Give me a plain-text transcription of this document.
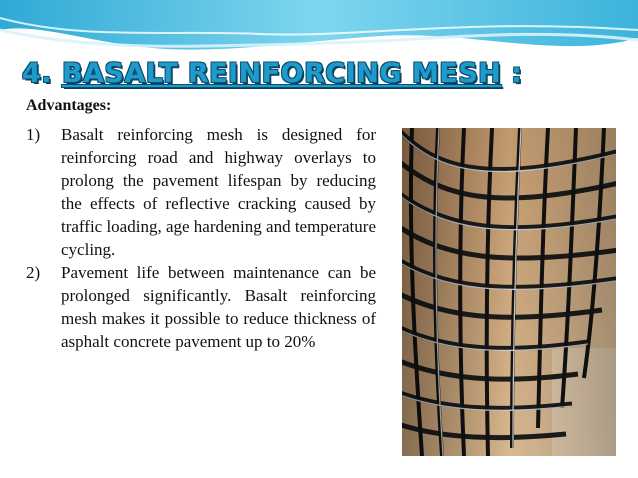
4. BASALT REINFORCING MESH :
Advantages:
1)	Basalt reinforcing mesh is designed for reinforcing road and highway overlays to prolong the pavement lifespan by reducing the effects of reflective cracking caused by traffic loading, age hardening and temperature cycling.
2)	Pavement life between maintenance can be prolonged significantly. Basalt reinforcing mesh makes it possible to reduce thickness of asphalt concrete pavement up to 20%
